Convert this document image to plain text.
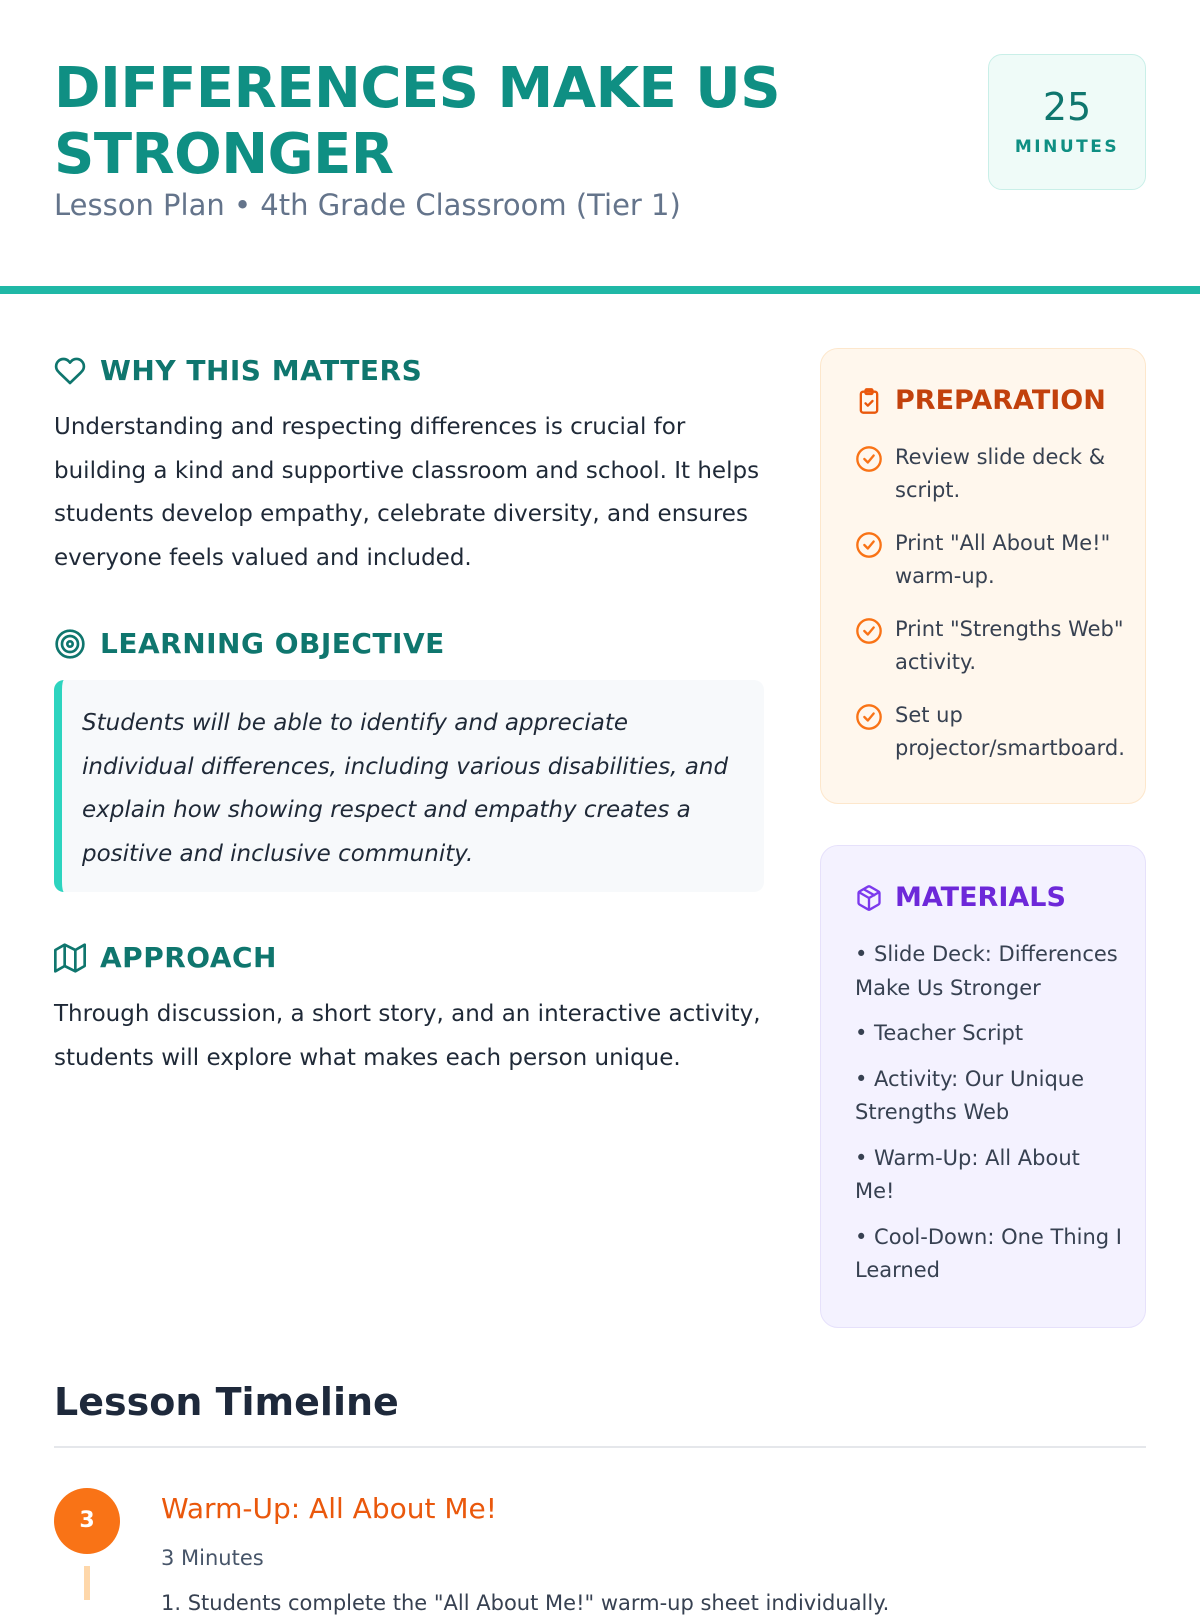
DIFFERENCES MAKE US STRONGER
Lesson Plan • 4th Grade Classroom (Tier 1)
25
MINUTES
WHY THIS MATTERS

Understanding and respecting differences is crucial for building a kind and supportive classroom and school. It helps students develop empathy, celebrate diversity, and ensures everyone feels valued and included.

LEARNING OBJECTIVE

Students will be able to identify and appreciate individual differences, including various disabilities, and explain how showing respect and empathy creates a positive and inclusive community.

APPROACH

Through discussion, a short story, and an interactive activity, students will explore what makes each person unique.

PREPARATION
Review slide deck & script.
Print "All About Me!" warm-up.
Print "Strengths Web" activity.
Set up projector/smartboard.
MATERIALS
• Slide Deck: Differences Make Us Stronger
• Teacher Script
• Activity: Our Unique Strengths Web
• Warm-Up: All About Me!
• Cool-Down: One Thing I Learned
Lesson Timeline
3	Warm-Up: All About Me!
3 Minutes
1. Students complete the "All About Me!" warm-up sheet individually.
